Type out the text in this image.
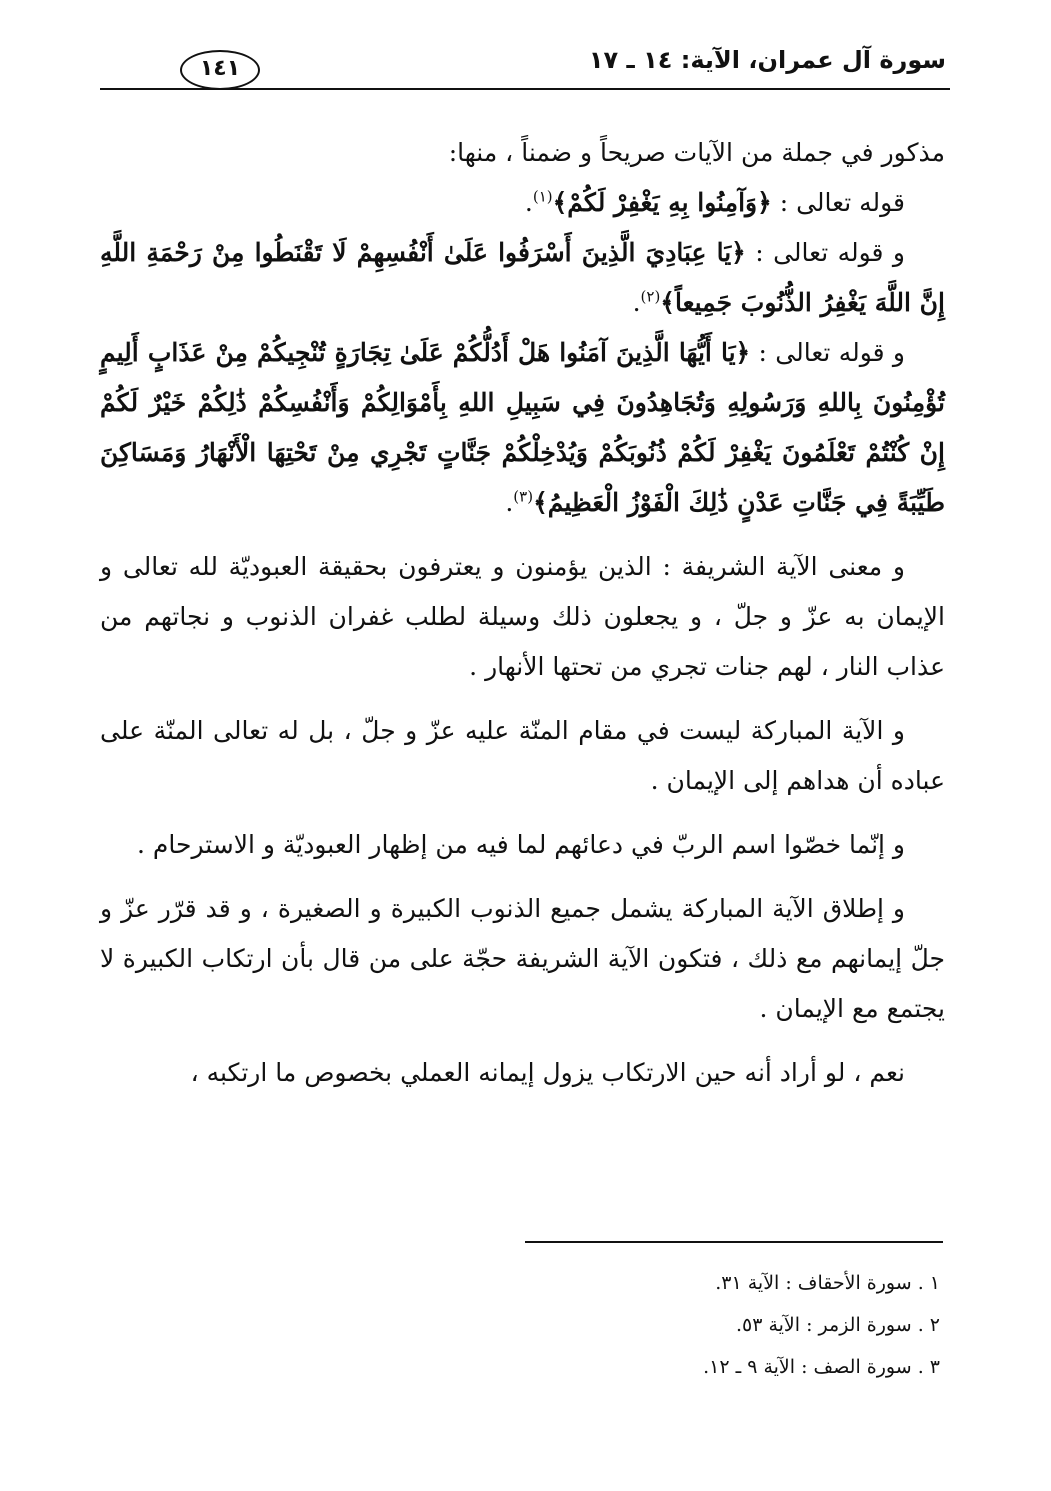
سورة آل عمران، الآية: ١٤ ـ ١٧
١٤١

مذكور في جملة من الآيات صريحاً و ضمناً ، منها:

قوله تعالى : ﴿وَآمِنُوا بِهِ يَغْفِرْ لَكُمْ﴾$^{(١)}$.

و قوله تعالى : ﴿يَا عِبَادِيَ الَّذِينَ أَسْرَفُوا عَلَىٰ أَنْفُسِهِمْ لَا تَقْنَطُوا مِنْ رَحْمَةِ اللَّهِ إِنَّ اللَّهَ يَغْفِرُ الذُّنُوبَ جَمِيعاً﴾$^{(٢)}$.

و قوله تعالى : ﴿يَا أَيُّهَا الَّذِينَ آمَنُوا هَلْ أَدُلُّكُمْ عَلَىٰ تِجَارَةٍ تُنْجِيكُمْ مِنْ عَذَابٍ أَلِيمٍ تُؤْمِنُونَ بِاللهِ وَرَسُولِهِ وَتُجَاهِدُونَ فِي سَبِيلِ اللهِ بِأَمْوَالِكُمْ وَأَنْفُسِكُمْ ذَٰلِكُمْ خَيْرٌ لَكُمْ إِنْ كُنْتُمْ تَعْلَمُونَ يَغْفِرْ لَكُمْ ذُنُوبَكُمْ وَيُدْخِلْكُمْ جَنَّاتٍ تَجْرِي مِنْ تَحْتِهَا الْأَنْهَارُ وَمَسَاكِنَ طَيِّبَةً فِي جَنَّاتِ عَدْنٍ ذَٰلِكَ الْفَوْزُ الْعَظِيمُ﴾$^{(٣)}$.

و معنى الآية الشريفة : الذين يؤمنون و يعترفون بحقيقة العبوديّة لله تعالى و الإيمان به عزّ و جلّ ، و يجعلون ذلك وسيلة لطلب غفران الذنوب و نجاتهم من عذاب النار ، لهم جنات تجري من تحتها الأنهار .

و الآية المباركة ليست في مقام المنّة عليه عزّ و جلّ ، بل له تعالى المنّة على عباده أن هداهم إلى الإيمان .

و إنّما خصّوا اسم الربّ في دعائهم لما فيه من إظهار العبوديّة و الاسترحام .

و إطلاق الآية المباركة يشمل جميع الذنوب الكبيرة و الصغيرة ، و قد قرّر عزّ و جلّ إيمانهم مع ذلك ، فتكون الآية الشريفة حجّة على من قال بأن ارتكاب الكبيرة لا يجتمع مع الإيمان .

نعم ، لو أراد أنه حين الارتكاب يزول إيمانه العملي بخصوص ما ارتكبه ،

١ . سورة الأحقاف : الآية ٣١.
٢ . سورة الزمر : الآية ٥٣.
٣ . سورة الصف : الآية ٩ ـ ١٢.
